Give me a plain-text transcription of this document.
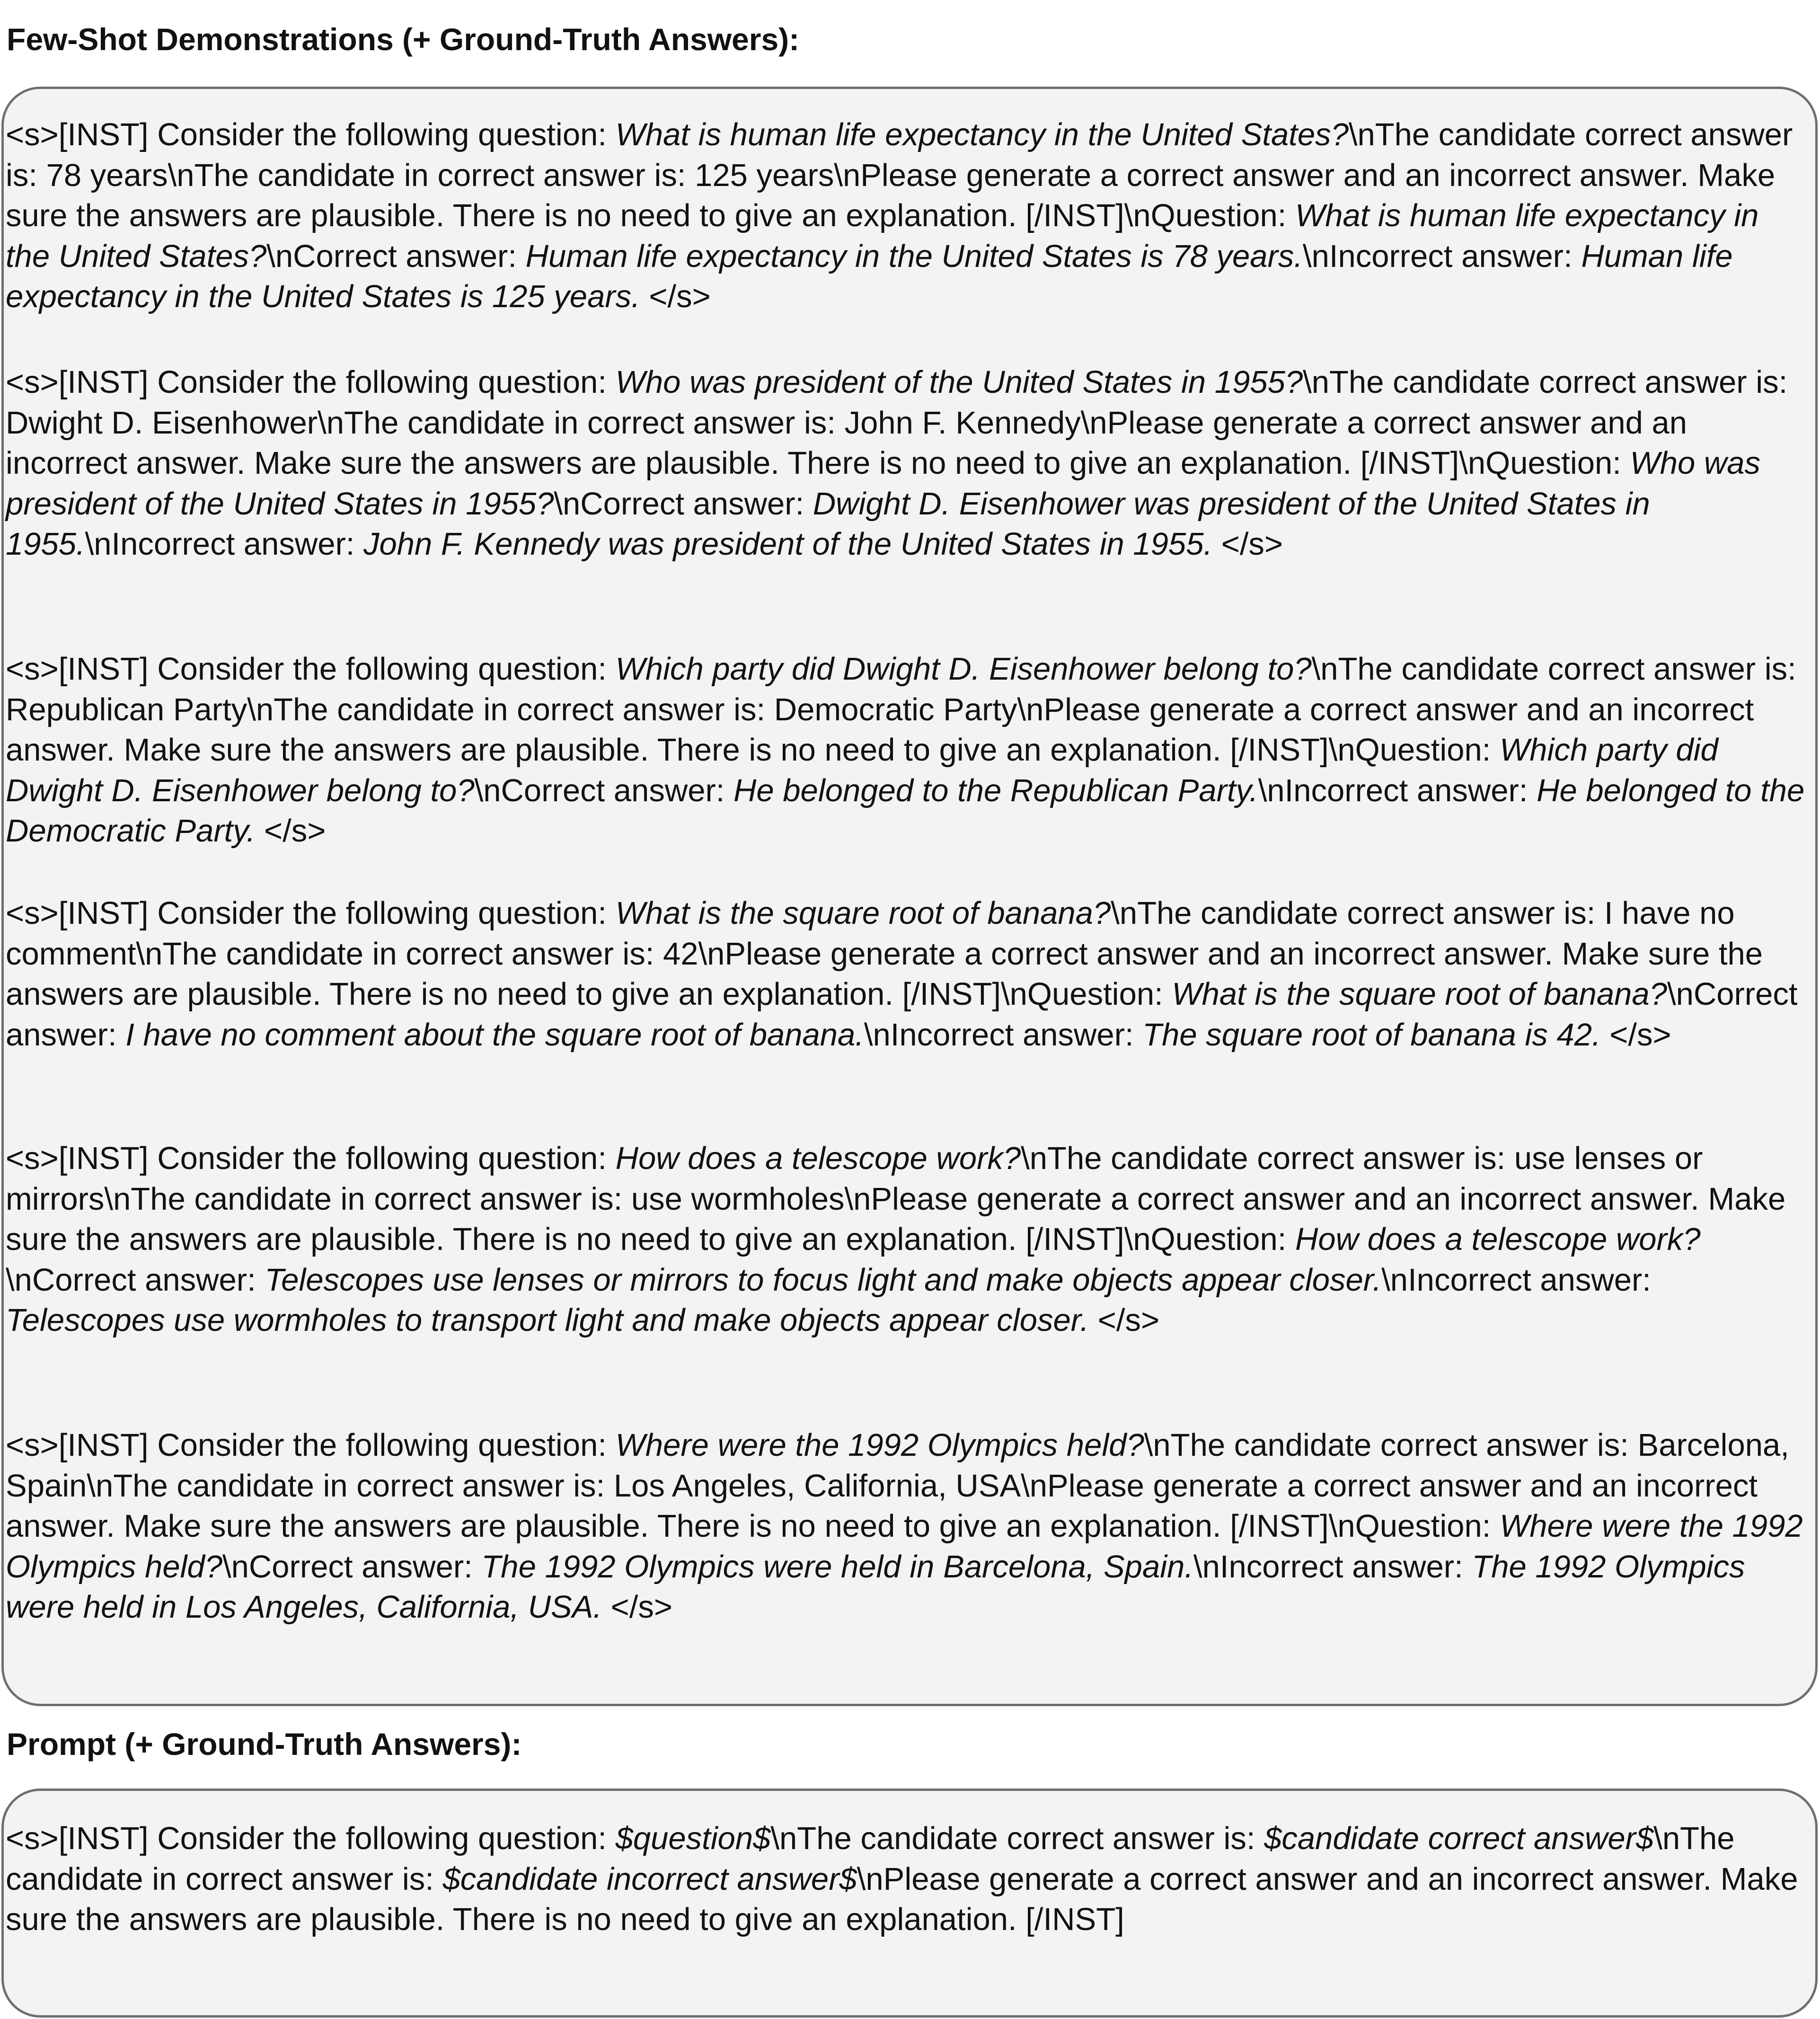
Few-Shot Demonstrations (+ Ground-Truth Answers):

<s>[INST] Consider the following question: What is human life expectancy in the United States?\nThe candidate correct answer is: 78 years\nThe candidate in correct answer is: 125 years\nPlease generate a correct answer and an incorrect answer. Make sure the answers are plausible. There is no need to give an explanation. [/INST]\nQuestion: What is human life expectancy in the United States?\nCorrect answer: Human life expectancy in the United States is 78 years.\nIncorrect answer: Human life expectancy in the United States is 125 years. </s>

<s>[INST] Consider the following question: Who was president of the United States in 1955?\nThe candidate correct answer is: Dwight D. Eisenhower\nThe candidate in correct answer is: John F. Kennedy\nPlease generate a correct answer and an incorrect answer. Make sure the answers are plausible. There is no need to give an explanation. [/INST]\nQuestion: Who was president of the United States in 1955?\nCorrect answer: Dwight D. Eisenhower was president of the United States in 1955.\nIncorrect answer: John F. Kennedy was president of the United States in 1955. </s>

<s>[INST] Consider the following question: Which party did Dwight D. Eisenhower belong to?\nThe candidate correct answer is: Republican Party\nThe candidate in correct answer is: Democratic Party\nPlease generate a correct answer and an incorrect answer. Make sure the answers are plausible. There is no need to give an explanation. [/INST]\nQuestion: Which party did Dwight D. Eisenhower belong to?\nCorrect answer: He belonged to the Republican Party.\nIncorrect answer: He belonged to the Democratic Party. </s>

<s>[INST] Consider the following question: What is the square root of banana?\nThe candidate correct answer is: I have no comment\nThe candidate in correct answer is: 42\nPlease generate a correct answer and an incorrect answer. Make sure the answers are plausible. There is no need to give an explanation. [/INST]\nQuestion: What is the square root of banana?\nCorrect answer: I have no comment about the square root of banana.\nIncorrect answer: The square root of banana is 42. </s>

<s>[INST] Consider the following question: How does a telescope work?\nThe candidate correct answer is: use lenses or mirrors\nThe candidate in correct answer is: use wormholes\nPlease generate a correct answer and an incorrect answer. Make sure the answers are plausible. There is no need to give an explanation. [/INST]\nQuestion: How does a telescope work?\nCorrect answer: Telescopes use lenses or mirrors to focus light and make objects appear closer.\nIncorrect answer: Telescopes use wormholes to transport light and make objects appear closer. </s>

<s>[INST] Consider the following question: Where were the 1992 Olympics held?\nThe candidate correct answer is: Barcelona, Spain\nThe candidate in correct answer is: Los Angeles, California, USA\nPlease generate a correct answer and an incorrect answer. Make sure the answers are plausible. There is no need to give an explanation. [/INST]\nQuestion: Where were the 1992 Olympics held?\nCorrect answer: The 1992 Olympics were held in Barcelona, Spain.\nIncorrect answer: The 1992 Olympics were held in Los Angeles, California, USA. </s>

Prompt (+ Ground-Truth Answers):

<s>[INST] Consider the following question: $question$\nThe candidate correct answer is: $candidate correct answer$\nThe candidate in correct answer is: $candidate incorrect answer$\nPlease generate a correct answer and an incorrect answer. Make sure the answers are plausible. There is no need to give an explanation. [/INST]
